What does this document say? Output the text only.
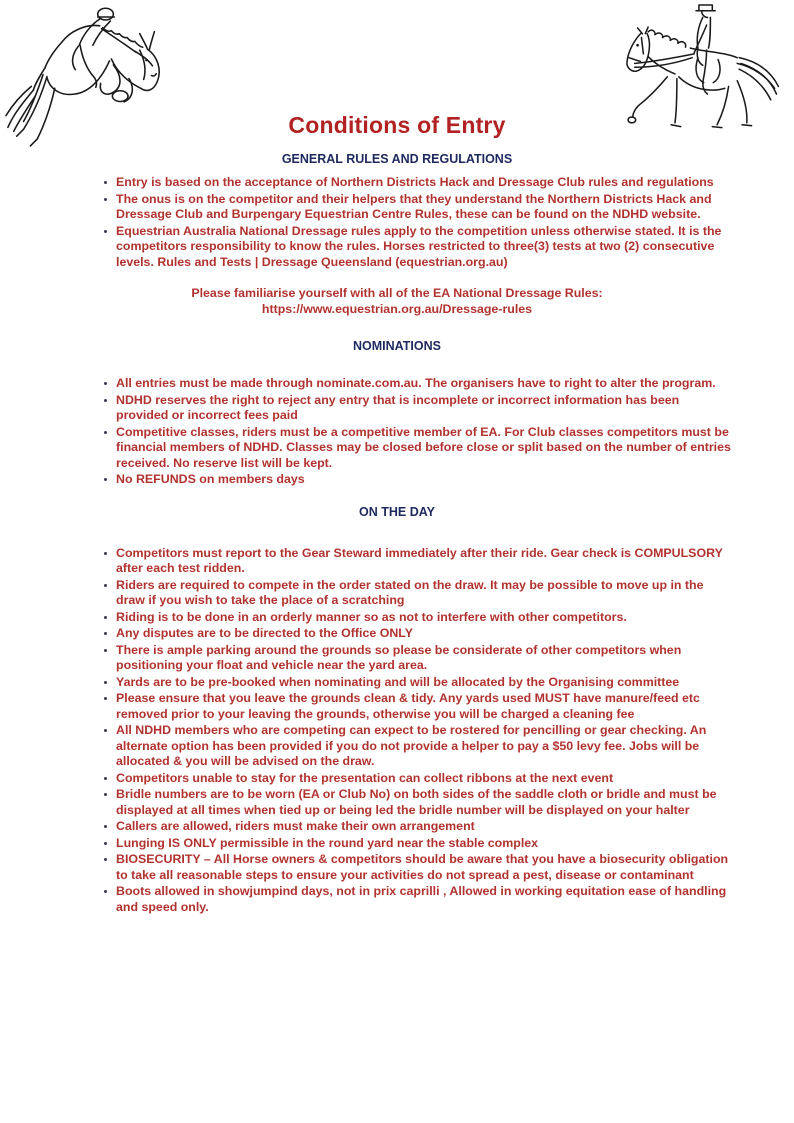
Conditions of Entry
GENERAL RULES AND REGULATIONS
Entry is based on the acceptance of Northern Districts Hack and Dressage Club rules and regulations
The onus is on the competitor and their helpers that they understand the Northern Districts Hack and Dressage Club and Burpengary Equestrian Centre Rules, these can be found on the NDHD website.
Equestrian Australia National Dressage rules apply to the competition unless otherwise stated. It is the competitors responsibility to know the rules. Horses restricted to three(3) tests at two (2) consecutive levels. Rules and Tests | Dressage Queensland (equestrian.org.au)
Please familiarise yourself with all of the EA National Dressage Rules:
https://www.equestrian.org.au/Dressage-rules
NOMINATIONS
All entries must be made through nominate.com.au. The organisers have to right to alter the program.
NDHD reserves the right to reject any entry that is incomplete or incorrect information has been provided or incorrect fees paid
Competitive classes, riders must be a competitive member of EA. For Club classes competitors must be financial members of NDHD. Classes may be closed before close or split based on the number of entries received. No reserve list will be kept.
No REFUNDS on members days
ON THE DAY
Competitors must report to the Gear Steward immediately after their ride. Gear check is COMPULSORY after each test ridden.
Riders are required to compete in the order stated on the draw. It may be possible to move up in the draw if you wish to take the place of a scratching
Riding is to be done in an orderly manner so as not to interfere with other competitors.
Any disputes are to be directed to the Office ONLY
There is ample parking around the grounds so please be considerate of other competitors when positioning your float and vehicle near the yard area.
Yards are to be pre-booked when nominating and will be allocated by the Organising committee
Please ensure that you leave the grounds clean & tidy. Any yards used MUST have manure/feed etc removed prior to your leaving the grounds, otherwise you will be charged a cleaning fee
All NDHD members who are competing can expect to be rostered for pencilling or gear checking. An alternate option has been provided if you do not provide a helper to pay a $50 levy fee. Jobs will be allocated & you will be advised on the draw.
Competitors unable to stay for the presentation can collect ribbons at the next event
Bridle numbers are to be worn (EA or Club No) on both sides of the saddle cloth or bridle and must be displayed at all times when tied up or being led the bridle number will be displayed on your halter
Callers are allowed, riders must make their own arrangement
Lunging IS ONLY permissible in the round yard near the stable complex
BIOSECURITY – All Horse owners & competitors should be aware that you have a biosecurity obligation to take all reasonable steps to ensure your activities do not spread a pest, disease or contaminant
Boots allowed in showjumpind days, not in prix caprilli , Allowed in working equitation ease of handling and speed only.
